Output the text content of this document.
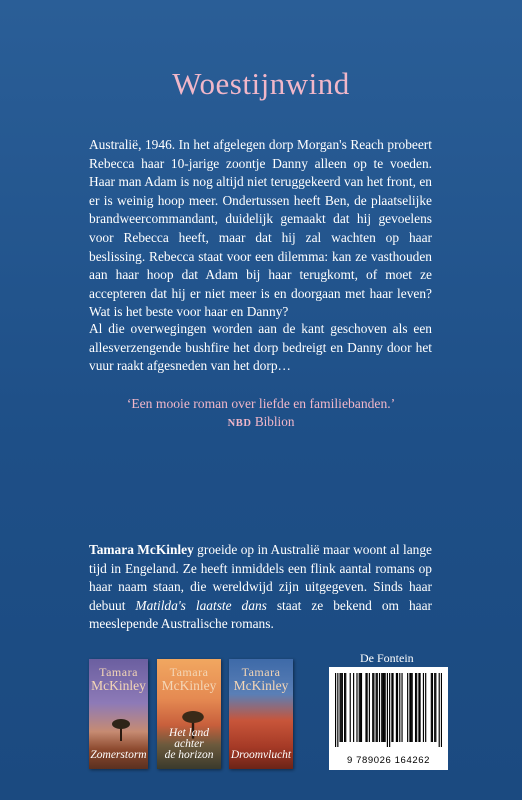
Woestijnwind

Australië, 1946. In het afgelegen dorp Morgan's Reach probeert Rebecca haar 10-jarige zoontje Danny alleen op te voeden. Haar man Adam is nog altijd niet teruggekeerd van het front, en er is weinig hoop meer. Ondertussen heeft Ben, de plaatselijke brandweercommandant, duidelijk gemaakt dat hij gevoelens voor Rebecca heeft, maar dat hij zal wachten op haar beslissing. Rebecca staat voor een dilemma: kan ze vasthouden aan haar hoop dat Adam bij haar terugkomt, of moet ze accepteren dat hij er niet meer is en doorgaan met haar leven? Wat is het beste voor haar en Danny?

Al die overwegingen worden aan de kant geschoven als een allesverzengende bushfire het dorp bedreigt en Danny door het vuur raakt afgesneden van het dorp…

‘Een mooie roman over liefde en familiebanden.’
NBD Biblion

Tamara McKinley groeide op in Australië maar woont al lange tijd in Engeland. Ze heeft inmiddels een flink aantal romans op haar naam staan, die wereldwijd zijn uitgegeven. Sinds haar debuut Matilda's laatste dans staat ze bekend om haar meeslepende Australische romans.

Tamara
McKinley
Zomerstorm
Tamara
McKinley
Het land achter
de horizon
Tamara
McKinley
Droomvlucht
De Fontein
9 789026 164262
